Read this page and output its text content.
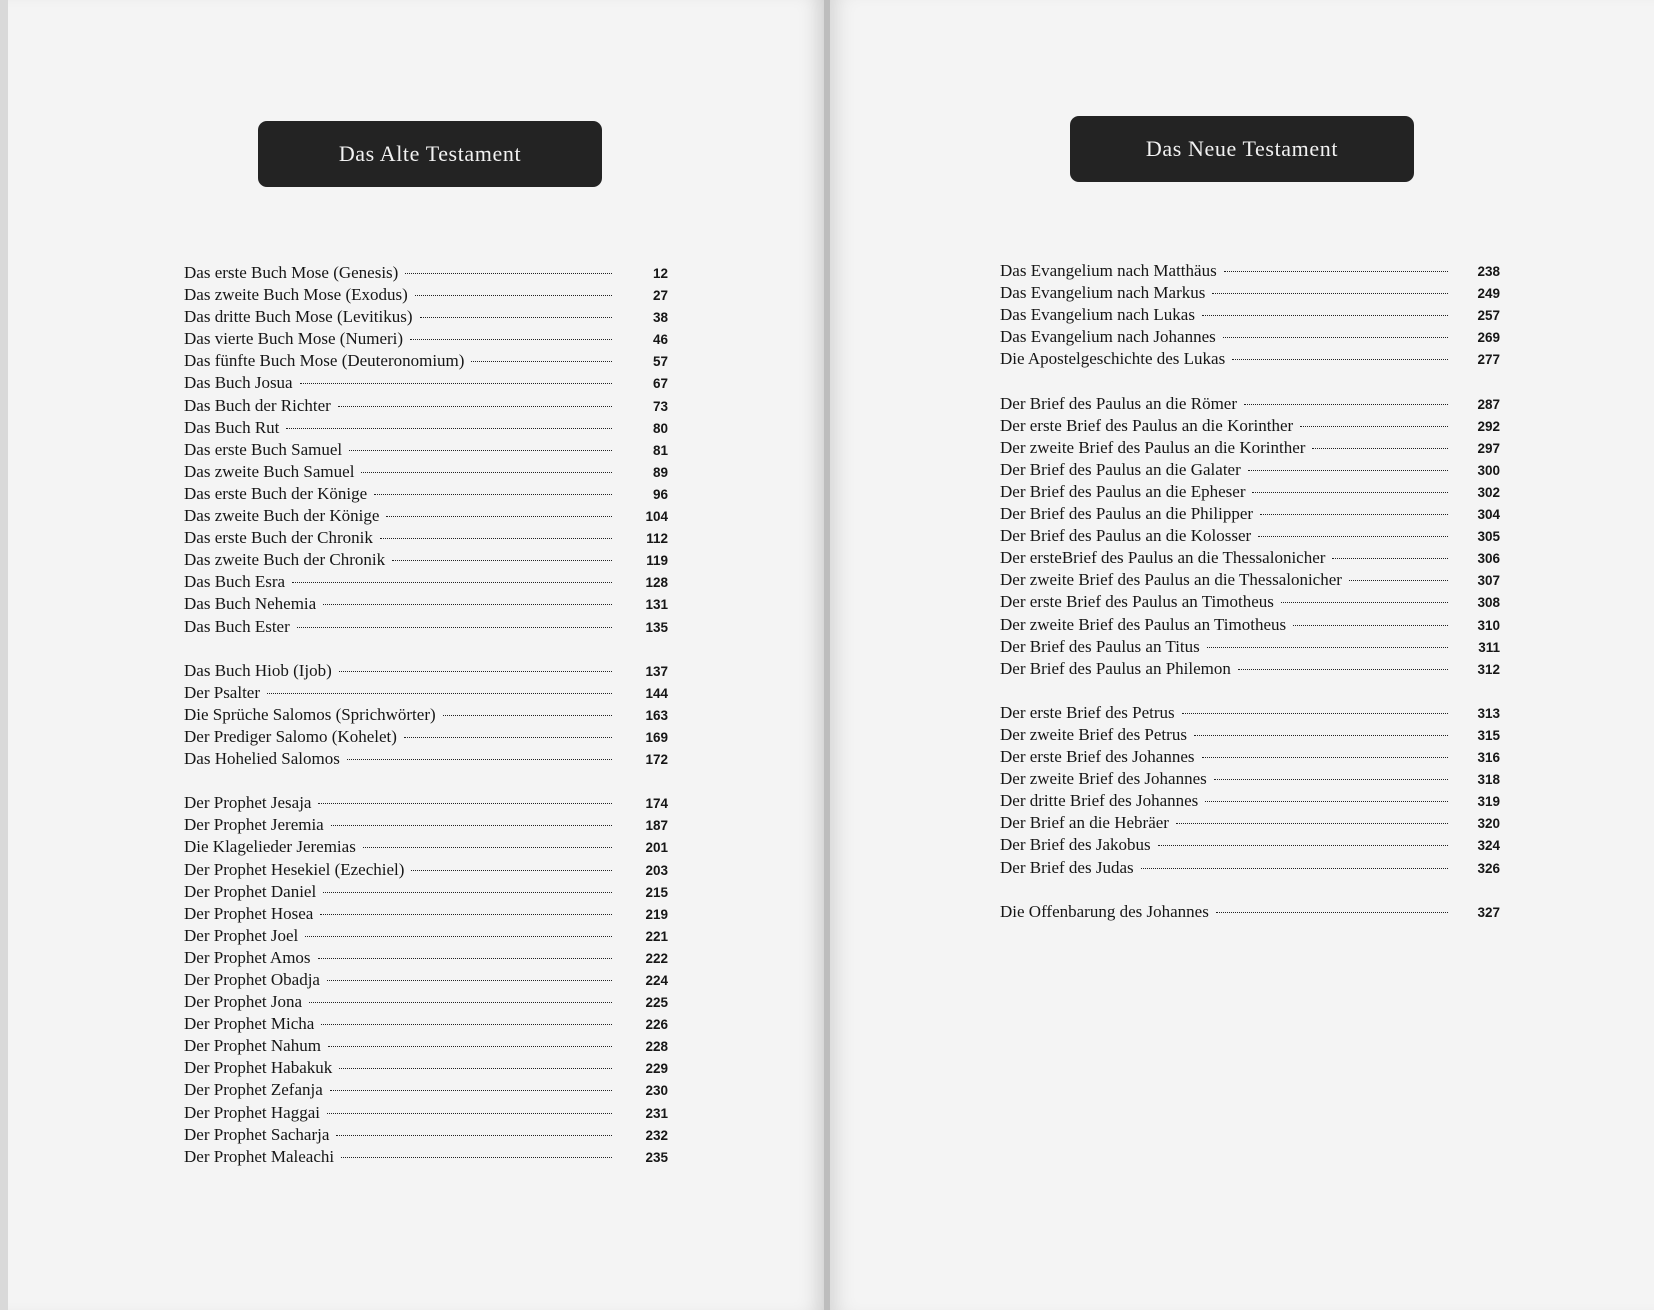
Das Alte Testament
Das erste Buch Mose (Genesis)	12
Das zweite Buch Mose (Exodus)	27
Das dritte Buch Mose (Levitikus)	38
Das vierte Buch Mose (Numeri)	46
Das fünfte Buch Mose (Deuteronomium)	57
Das Buch Josua	67
Das Buch der Richter	73
Das Buch Rut	80
Das erste Buch Samuel	81
Das zweite Buch Samuel	89
Das erste Buch der Könige	96
Das zweite Buch der Könige	104
Das erste Buch der Chronik	112
Das zweite Buch der Chronik	119
Das Buch Esra	128
Das Buch Nehemia	131
Das Buch Ester	135
Das Buch Hiob (Ijob)	137
Der Psalter	144
Die Sprüche Salomos (Sprichwörter)	163
Der Prediger Salomo (Kohelet)	169
Das Hohelied Salomos	172
Der Prophet Jesaja	174
Der Prophet Jeremia	187
Die Klagelieder Jeremias	201
Der Prophet Hesekiel (Ezechiel)	203
Der Prophet Daniel	215
Der Prophet Hosea	219
Der Prophet Joel	221
Der Prophet Amos	222
Der Prophet Obadja	224
Der Prophet Jona	225
Der Prophet Micha	226
Der Prophet Nahum	228
Der Prophet Habakuk	229
Der Prophet Zefanja	230
Der Prophet Haggai	231
Der Prophet Sacharja	232
Der Prophet Maleachi	235
Das Neue Testament
Das Evangelium nach Matthäus	238
Das Evangelium nach Markus	249
Das Evangelium nach Lukas	257
Das Evangelium nach Johannes	269
Die Apostelgeschichte des Lukas	277
Der Brief des Paulus an die Römer	287
Der erste Brief des Paulus an die Korinther	292
Der zweite Brief des Paulus an die Korinther	297
Der Brief des Paulus an die Galater	300
Der Brief des Paulus an die Epheser	302
Der Brief des Paulus an die Philipper	304
Der Brief des Paulus an die Kolosser	305
Der ersteBrief des Paulus an die Thessalonicher	306
Der zweite Brief des Paulus an die Thessalonicher	307
Der erste Brief des Paulus an Timotheus	308
Der zweite Brief des Paulus an Timotheus	310
Der Brief des Paulus an Titus	311
Der Brief des Paulus an Philemon	312
Der erste Brief des Petrus	313
Der zweite Brief des Petrus	315
Der erste Brief des Johannes	316
Der zweite Brief des Johannes	318
Der dritte Brief des Johannes	319
Der Brief an die Hebräer	320
Der Brief des Jakobus	324
Der Brief des Judas	326
Die Offenbarung des Johannes	327
